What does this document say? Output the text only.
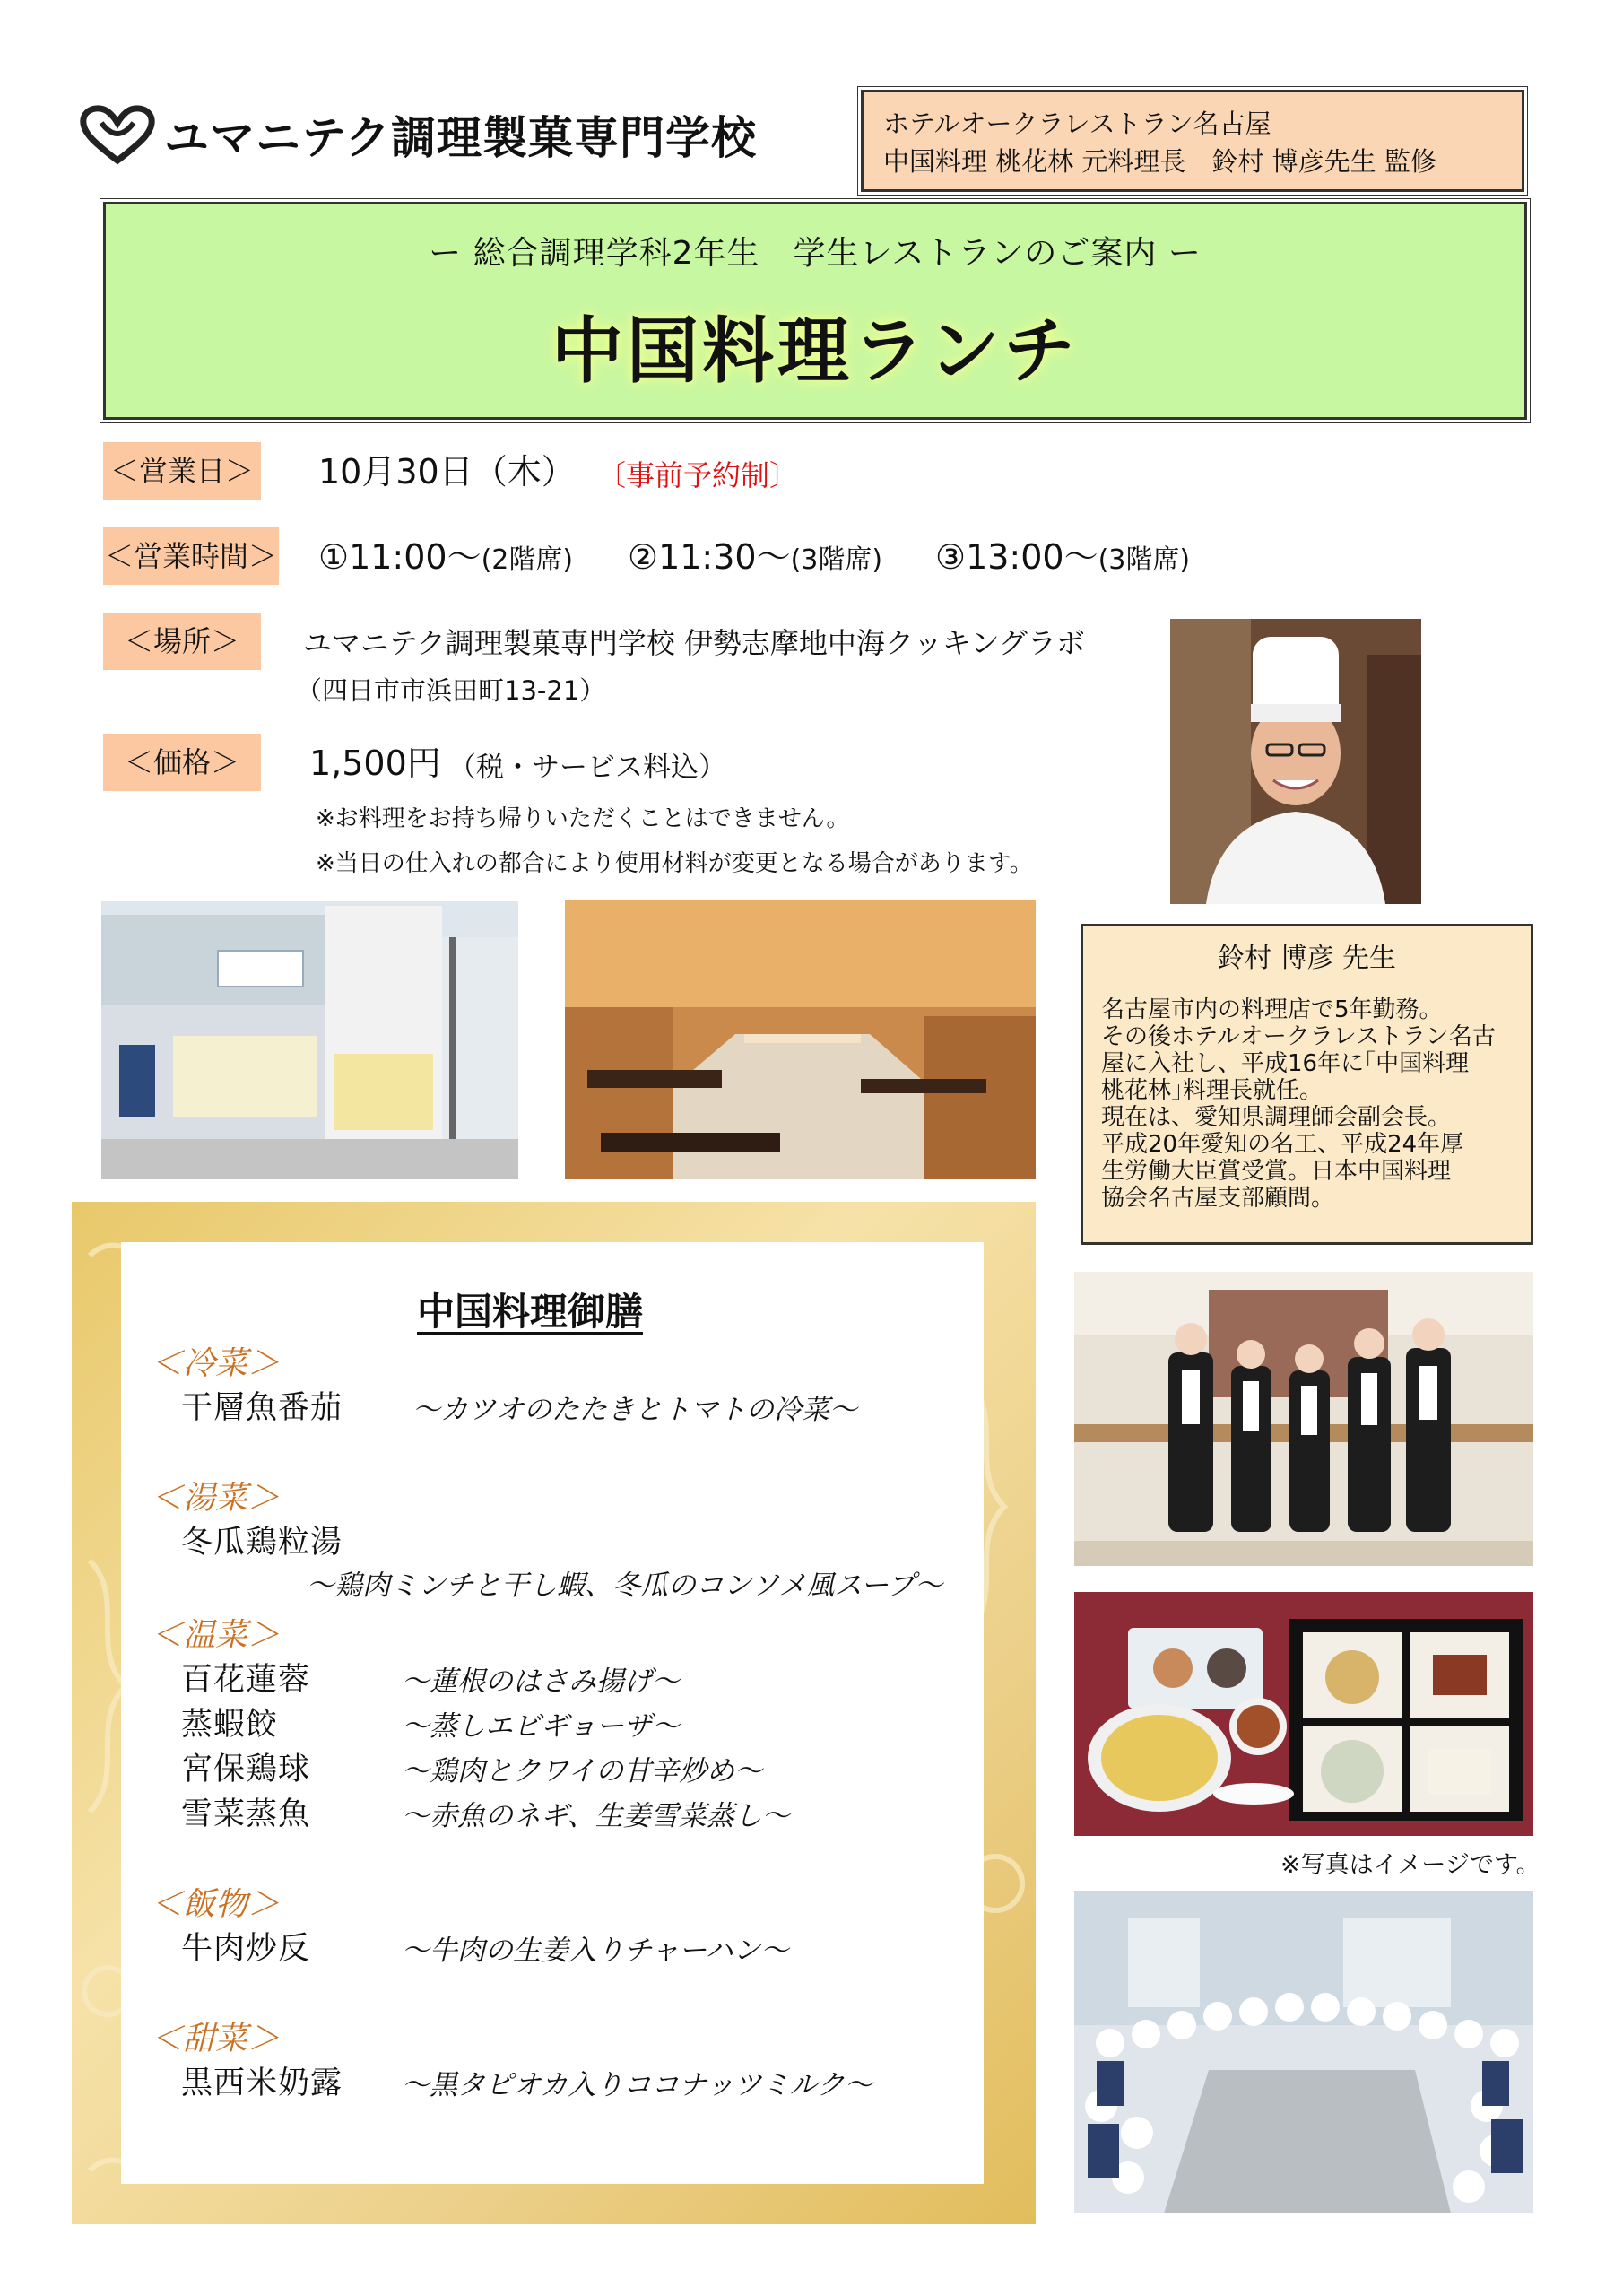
ユマニテク調理製菓専門学校	ホテルオークラレストラン名古屋
中国料理 桃花林 元料理長　鈴村 博彦先生 監修
ー 総合調理学科2年生　学生レストランのご案内 ー
中国料理ランチ
＜営業日＞ 10月30日（木） 〔事前予約制〕
＜営業時間＞ ①11:00〜(2階席) ②11:30〜(3階席) ③13:00〜(3階席)
＜場所＞	ユマニテク調理製菓専門学校 伊勢志摩地中海クッキングラボ
（四日市市浜田町13-21）
＜価格＞	1,500円 （税・サービス料込）
※お料理をお持ち帰りいただくことはできません。
※当日の仕入れの都合により使用材料が変更となる場合があります。
鈴村 博彦 先生
名古屋市内の料理店で5年勤務。
その後ホテルオークラレストラン名古
屋に入社し、平成16年に｢中国料理
桃花林｣料理長就任。
現在は、愛知県調理師会副会長。
平成20年愛知の名工、平成24年厚
生労働大臣賞受賞。日本中国料理
協会名古屋支部顧問。
中国料理御膳
＜冷菜＞
干層魚番茄	〜カツオのたたきとトマトの冷菜〜
＜湯菜＞
冬瓜鶏粒湯
〜鶏肉ミンチと干し蝦、冬瓜のコンソメ風スープ〜
＜温菜＞
百花蓮蓉	〜蓮根のはさみ揚げ〜
蒸蝦餃	〜蒸しエビギョーザ〜
宮保鶏球	〜鶏肉とクワイの甘辛炒め〜
雪菜蒸魚	〜赤魚のネギ、生姜雪菜蒸し〜
＜飯物＞
牛肉炒反	〜牛肉の生姜入りチャーハン〜
＜甜菜＞
黒西米奶露 〜黒タピオカ入りココナッツミルク〜
※写真はイメージです。
